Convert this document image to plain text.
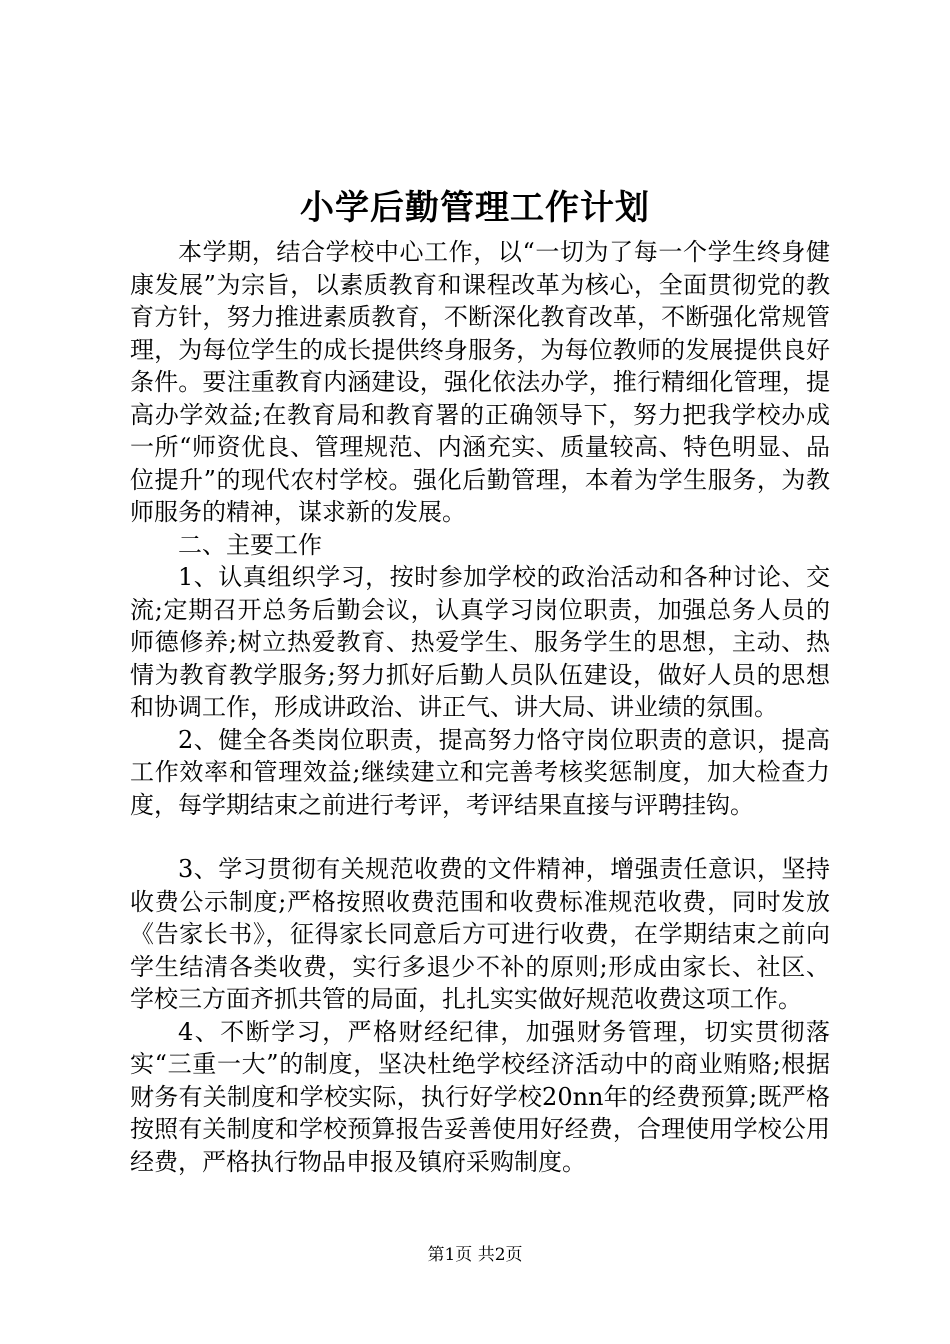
小学后勤管理工作计划

本学期，结合学校中心工作，以“一切为了每一个学生终身健康发展”为宗旨，以素质教育和课程改革为核心，全面贯彻党的教育方针，努力推进素质教育，不断深化教育改革，不断强化常规管理，为每位学生的成长提供终身服务，为每位教师的发展提供良好条件。要注重教育内涵建设，强化依法办学，推行精细化管理，提高办学效益;在教育局和教育署的正确领导下，努力把我学校办成一所“师资优良、管理规范、内涵充实、质量较高、特色明显、品位提升”的现代农村学校。强化后勤管理，本着为学生服务，为教师服务的精神，谋求新的发展。

二、主要工作

1、认真组织学习，按时参加学校的政治活动和各种讨论、交流;定期召开总务后勤会议，认真学习岗位职责，加强总务人员的师德修养;树立热爱教育、热爱学生、服务学生的思想，主动、热情为教育教学服务;努力抓好后勤人员队伍建设，做好人员的思想和协调工作，形成讲政治、讲正气、讲大局、讲业绩的氛围。

2、健全各类岗位职责，提高努力恪守岗位职责的意识，提高工作效率和管理效益;继续建立和完善考核奖惩制度，加大检查力度，每学期结束之前进行考评，考评结果直接与评聘挂钩。

3、学习贯彻有关规范收费的文件精神，增强责任意识，坚持收费公示制度;严格按照收费范围和收费标准规范收费，同时发放《告家长书》，征得家长同意后方可进行收费，在学期结束之前向学生结清各类收费，实行多退少不补的原则;形成由家长、社区、学校三方面齐抓共管的局面，扎扎实实做好规范收费这项工作。

4、不断学习，严格财经纪律，加强财务管理，切实贯彻落实“三重一大”的制度，坚决杜绝学校经济活动中的商业贿赂;根据财务有关制度和学校实际，执行好学校20nn年的经费预算;既严格按照有关制度和学校预算报告妥善使用好经费，合理使用学校公用经费，严格执行物品申报及镇府采购制度。

第1页 共2页
